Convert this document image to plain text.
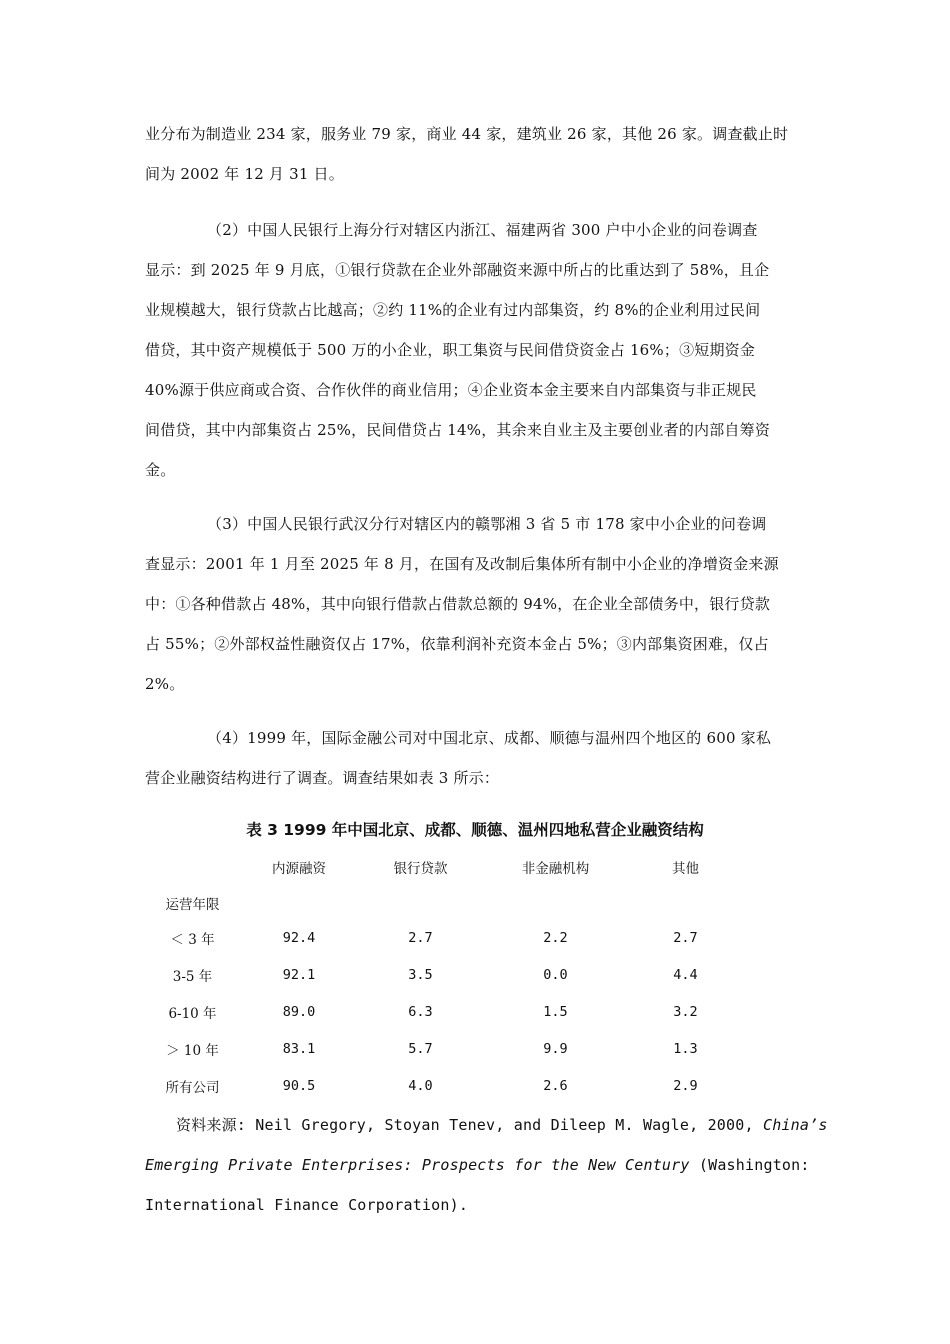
业分布为制造业 234 家，服务业 79 家，商业 44 家，建筑业 26 家，其他 26 家。调查截止时
间为 2002 年 12 月 31 日。
（2）中国人民银行上海分行对辖区内浙江、福建两省 300 户中小企业的问卷调查
显示：到 2025 年 9 月底，①银行贷款在企业外部融资来源中所占的比重达到了 58%，且企
业规模越大，银行贷款占比越高；②约 11%的企业有过内部集资，约 8%的企业利用过民间
借贷，其中资产规模低于 500 万的小企业，职工集资与民间借贷资金占 16%；③短期资金
40%源于供应商或合资、合作伙伴的商业信用；④企业资本金主要来自内部集资与非正规民
间借贷，其中内部集资占 25%，民间借贷占 14%，其余来自业主及主要创业者的内部自筹资
金。
（3）中国人民银行武汉分行对辖区内的赣鄂湘 3 省 5 市 178 家中小企业的问卷调
查显示：2001 年 1 月至 2025 年 8 月，在国有及改制后集体所有制中小企业的净增资金来源
中：①各种借款占 48%，其中向银行借款占借款总额的 94%，在企业全部债务中，银行贷款
占 55%；②外部权益性融资仅占 17%，依靠利润补充资本金占 5%；③内部集资困难，仅占
2%。
（4）1999 年，国际金融公司对中国北京、成都、顺德与温州四个地区的 600 家私
营企业融资结构进行了调查。调查结果如表 3 所示：
表 3 1999 年中国北京、成都、顺德、温州四地私营企业融资结构
	内源融资	银行贷款	非金融机构	其他
运营年限				
＜ 3 年	92.4	2.7	2.2	2.7
3-5 年	92.1	3.5	0.0	4.4
6-10 年	89.0	6.3	1.5	3.2
＞ 10 年	83.1	5.7	9.9	1.3
所有公司	90.5	4.0	2.6	2.9
资料来源: Neil Gregory, Stoyan Tenev, and Dileep M. Wagle, 2000, China’s
Emerging Private Enterprises: Prospects for the New Century (Washington:
International Finance Corporation).
